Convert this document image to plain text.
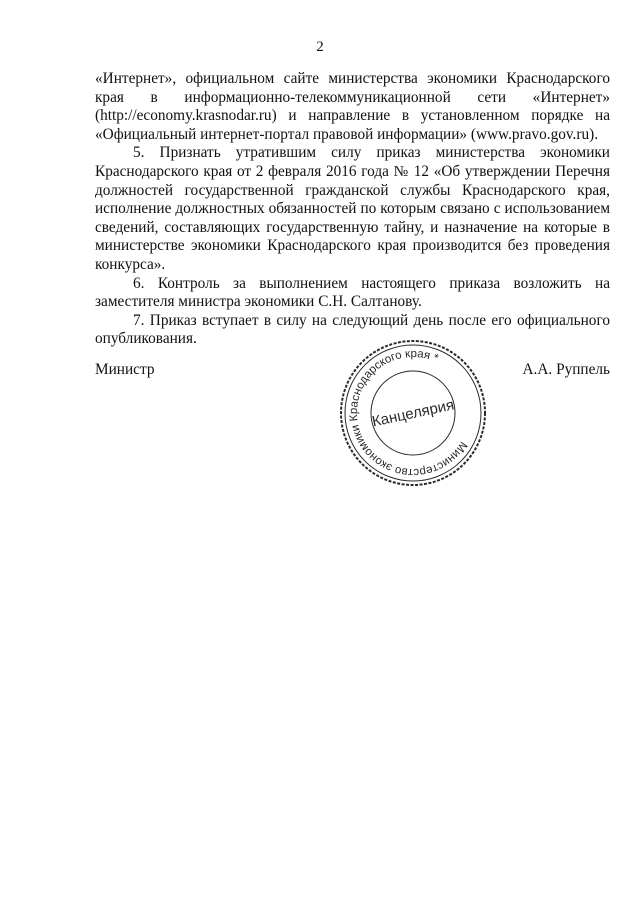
2

«Интернет», официальном сайте министерства экономики Краснодарского края в информационно-телекоммуникационной сети «Интернет» (http://economy.krasnodar.ru) и направление в установленном порядке на «Официальный интернет-портал правовой информации» (www.pravo.gov.ru).

5. Признать утратившим силу приказ министерства экономики Краснодарского края от 2 февраля 2016 года № 12 «Об утверждении Перечня должностей государственной гражданской службы Краснодарского края, исполнение должностных обязанностей по которым связано с использованием сведений, составляющих государственную тайну, и назначение на которые в министерстве экономики Краснодарского края производится без проведения конкурса».

6. Контроль за выполнением настоящего приказа возложить на заместителя министра экономики С.Н. Салтанову.

7. Приказ вступает в силу на следующий день после его официального опубликования.

Министр	А.А. Руппель
Министерство экономики Краснодарского края *
Канцелярия
